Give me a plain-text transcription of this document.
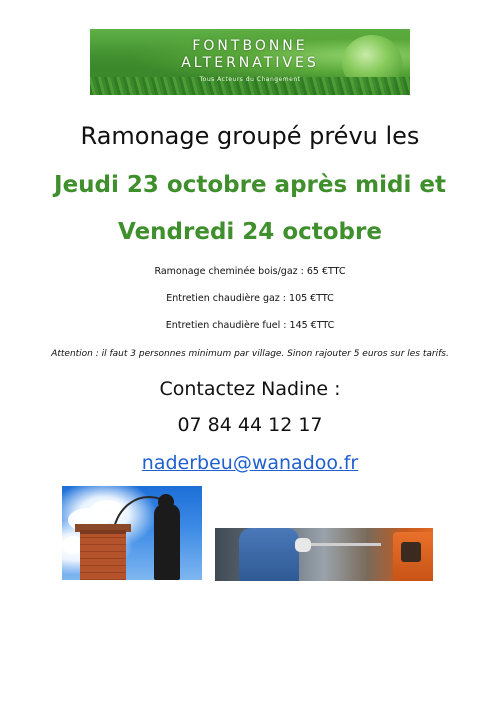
FONTBONNE
ALTERNATIVES
Tous Acteurs du Changement
Ramonage groupé prévu les
Jeudi 23 octobre après midi et
Vendredi 24 octobre
Ramonage cheminée bois/gaz : 65 €TTC
Entretien chaudière gaz : 105 €TTC
Entretien chaudière fuel : 145 €TTC
Attention : il faut 3 personnes minimum par village. Sinon rajouter 5 euros sur les tarifs.
Contactez Nadine :
07 84 44 12 17
naderbeu@wanadoo.fr
